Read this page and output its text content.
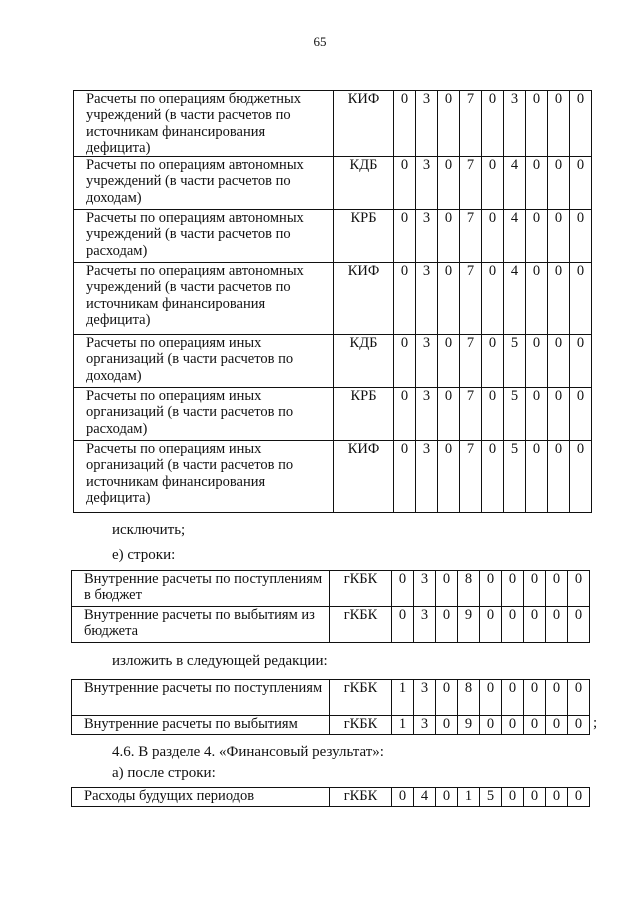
65
Расчеты по операциям бюджетных учреждений (в части расчетов по источникам финансирования дефицита)	КИФ	0	3	0	7	0	3	0	0	0
Расчеты по операциям автономных учреждений (в части расчетов по доходам)	КДБ	0	3	0	7	0	4	0	0	0
Расчеты по операциям автономных учреждений (в части расчетов по расходам)	КРБ	0	3	0	7	0	4	0	0	0
Расчеты по операциям автономных учреждений (в части расчетов по источникам финансирования дефицита)	КИФ	0	3	0	7	0	4	0	0	0
Расчеты по операциям иных организаций (в части расчетов по доходам)	КДБ	0	3	0	7	0	5	0	0	0
Расчеты по операциям иных организаций (в части расчетов по расходам)	КРБ	0	3	0	7	0	5	0	0	0
Расчеты по операциям иных организаций (в части расчетов по источникам финансирования дефицита)	КИФ	0	3	0	7	0	5	0	0	0
исключить;
е) строки:
Внутренние расчеты по поступлениям в бюджет	гКБК	0	3	0	8	0	0	0	0	0
Внутренние расчеты по выбытиям из бюджета	гКБК	0	3	0	9	0	0	0	0	0
изложить в следующей редакции:
Внутренние расчеты по поступлениям	гКБК	1	3	0	8	0	0	0	0	0
Внутренние расчеты по выбытиям	гКБК	1	3	0	9	0	0	0	0	0 ;
4.6. В разделе 4. «Финансовый результат»:
а) после строки:
Расходы будущих периодов	гКБК	0	4	0	1	5	0	0	0	0
